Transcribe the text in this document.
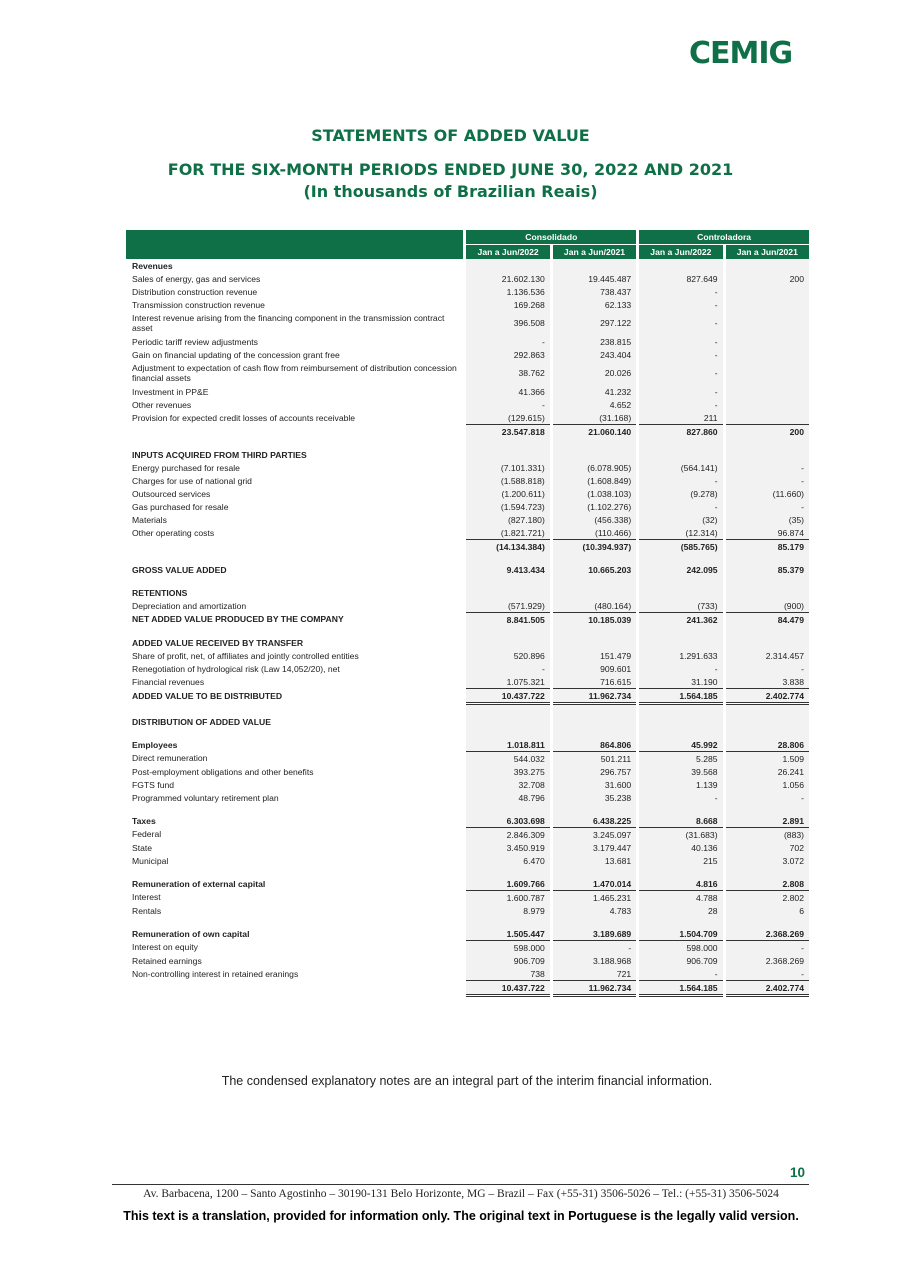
CEMIG
STATEMENTS OF ADDED VALUE
FOR THE SIX-MONTH PERIODS ENDED JUNE 30, 2022 AND 2021
(In thousands of Brazilian Reais)
		Consolidado				Controladora		
		Jan a Jun/2022		Jan a Jun/2021		Jan a Jun/2022		Jan a Jun/2021
Revenues								
Sales of energy, gas and services		21.602.130		19.445.487		827.649		200
Distribution construction revenue		1.136.536		738.437		-		
Transmission construction revenue		169.268		62.133		-		
Interest revenue arising from the financing component in the transmission contract asset		396.508		297.122		-		
Periodic tariff review adjustments		-		238.815		-		
Gain on financial updating of the concession grant free		292.863		243.404		-		
Adjustment to expectation of cash flow from reimbursement of distribution concession financial assets		38.762		20.026		-		
Investment in PP&E		41.366		41.232		-		
Other revenues		-		4.652		-		
Provision for expected credit losses of accounts receivable		(129.615)		(31.168)		211		
		23.547.818		21.060.140		827.860		200

INPUTS ACQUIRED FROM THIRD PARTIES								
Energy purchased for resale		(7.101.331)		(6.078.905)		(564.141)		-
Charges for use of national grid		(1.588.818)		(1.608.849)		-		-
Outsourced services		(1.200.611)		(1.038.103)		(9.278)		(11.660)
Gas purchased for resale		(1.594.723)		(1.102.276)		-		-
Materials		(827.180)		(456.338)		(32)		(35)
Other operating costs		(1.821.721)		(110.466)		(12.314)		96.874
		(14.134.384)		(10.394.937)		(585.765)		85.179

GROSS VALUE ADDED		9.413.434		10.665.203		242.095		85.379

RETENTIONS								
Depreciation and amortization		(571.929)		(480.164)		(733)		(900)
NET ADDED VALUE PRODUCED BY THE COMPANY		8.841.505		10.185.039		241.362		84.479

ADDED VALUE RECEIVED BY TRANSFER								
Share of profit, net, of affiliates and jointly controlled entities		520.896		151.479		1.291.633		2.314.457
Renegotiation of hydrological risk (Law 14,052/20), net		-		909.601		-		-
Financial revenues		1.075.321		716.615		31.190		3.838
ADDED VALUE TO BE DISTRIBUTED		10.437.722		11.962.734		1.564.185		2.402.774

DISTRIBUTION OF ADDED VALUE								

Employees		1.018.811		864.806		45.992		28.806
Direct remuneration		544.032		501.211		5.285		1.509
Post-employment obligations and other benefits		393.275		296.757		39.568		26.241
FGTS fund		32.708		31.600		1.139		1.056
Programmed voluntary retirement plan		48.796		35.238		-		-

Taxes		6.303.698		6.438.225		8.668		2.891
Federal		2.846.309		3.245.097		(31.683)		(883)
State		3.450.919		3.179.447		40.136		702
Municipal		6.470		13.681		215		3.072

Remuneration of external capital		1.609.766		1.470.014		4.816		2.808
Interest		1.600.787		1.465.231		4.788		2.802
Rentals		8.979		4.783		28		6

Remuneration of own capital		1.505.447		3.189.689		1.504.709		2.368.269
Interest on equity		598.000		-		598.000		-
Retained earnings		906.709		3.188.968		906.709		2.368.269
Non-controlling interest in retained eranings		738		721		-		-
		10.437.722		11.962.734		1.564.185		2.402.774
The condensed explanatory notes are an integral part of the interim financial information.
10
Av. Barbacena, 1200 – Santo Agostinho – 30190-131 Belo Horizonte, MG – Brazil – Fax (+55-31) 3506-5026 – Tel.: (+55-31) 3506-5024
This text is a translation, provided for information only. The original text in Portuguese is the legally valid version.
